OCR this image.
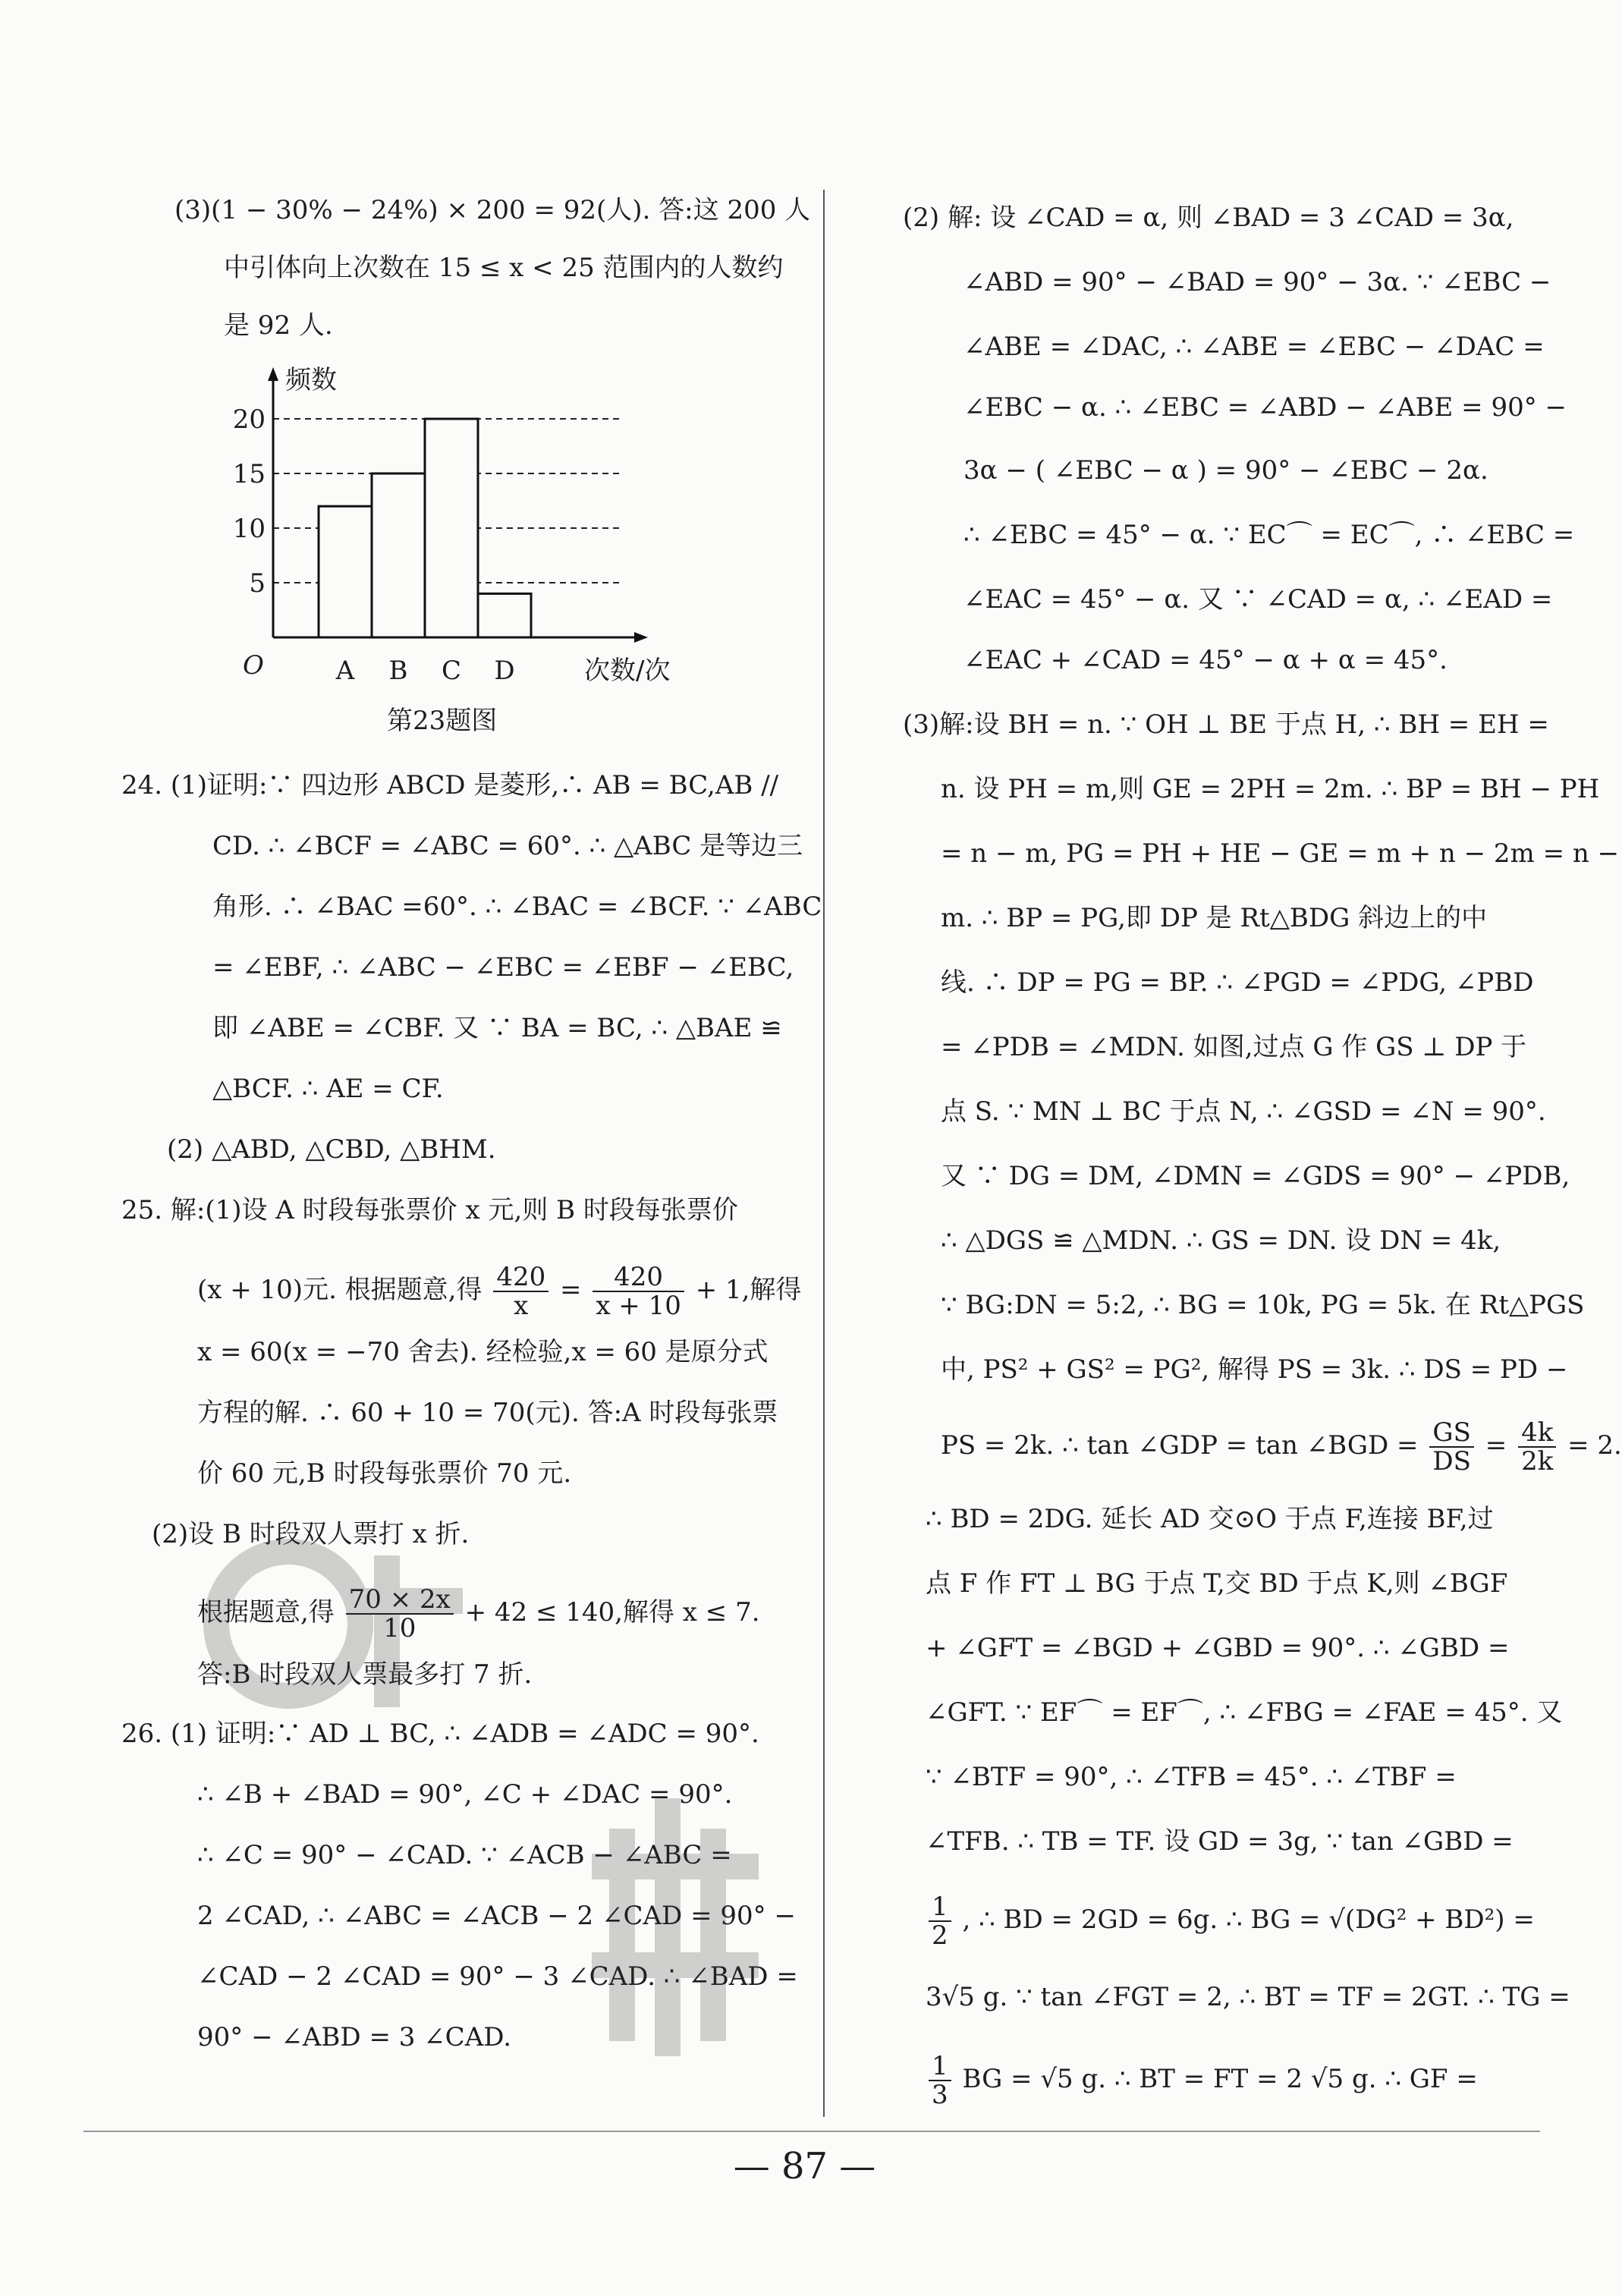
(3)(1 − 30% − 24%) × 200 = 92(人). 答:这 200 人
中引体向上次数在 15 ≤ x < 25 范围内的人数约
是 92 人.
24. (1)证明:∵ 四边形 ABCD 是菱形,∴ AB = BC,AB //
CD. ∴ ∠BCF = ∠ABC = 60°. ∴ △ABC 是等边三
角形. ∴ ∠BAC =60°. ∴ ∠BAC = ∠BCF. ∵ ∠ABC
= ∠EBF, ∴ ∠ABC − ∠EBC = ∠EBF − ∠EBC,
即 ∠ABE = ∠CBF. 又 ∵ BA = BC, ∴ △BAE ≌
△BCF. ∴ AE = CF.
(2) △ABD, △CBD, △BHM.
25. 解:(1)设 A 时段每张票价 x 元,则 B 时段每张票价
(x + 10)元. 根据题意,得 $\frac{420}{x} = \frac{420}{x + 10} + 1$,解得
x = 60(x = −70 舍去). 经检验,x = 60 是原分式
方程的解. ∴ 60 + 10 = 70(元). 答:A 时段每张票
价 60 元,B 时段每张票价 70 元.
(2)设 B 时段双人票打 x 折.
根据题意,得 $\frac{70 \times 2x}{10} + 42 \le 140$,解得 x ≤ 7.
答:B 时段双人票最多打 7 折.
26. (1) 证明:∵ AD ⊥ BC, ∴ ∠ADB = ∠ADC = 90°.
∴ ∠B + ∠BAD = 90°, ∠C + ∠DAC = 90°.
∴ ∠C = 90° − ∠CAD. ∵ ∠ACB − ∠ABC =
2 ∠CAD, ∴ ∠ABC = ∠ACB − 2 ∠CAD = 90° −
∠CAD − 2 ∠CAD = 90° − 3 ∠CAD. ∴ ∠BAD =
90° − ∠ABD = 3 ∠CAD.
5
10
15
20
A B C D
频数
次数/次
O
第23题图
(2) 解: 设 ∠CAD = α, 则 ∠BAD = 3 ∠CAD = 3α,
∠ABD = 90° − ∠BAD = 90° − 3α. ∵ ∠EBC −
∠ABE = ∠DAC, ∴ ∠ABE = ∠EBC − ∠DAC =
∠EBC − α. ∴ ∠EBC = ∠ABD − ∠ABE = 90° −
3α − ( ∠EBC − α ) = 90° − ∠EBC − 2α.
∴ ∠EBC = 45° − α. ∵ EC⌒ = EC⌒, ∴ ∠EBC =
∠EAC = 45° − α. 又 ∵ ∠CAD = α, ∴ ∠EAD =
∠EAC + ∠CAD = 45° − α + α = 45°.
(3)解:设 BH = n. ∵ OH ⊥ BE 于点 H, ∴ BH = EH =
n. 设 PH = m,则 GE = 2PH = 2m. ∴ BP = BH − PH
= n − m, PG = PH + HE − GE = m + n − 2m = n −
m. ∴ BP = PG,即 DP 是 Rt△BDG 斜边上的中
线. ∴ DP = PG = BP. ∴ ∠PGD = ∠PDG, ∠PBD
= ∠PDB = ∠MDN. 如图,过点 G 作 GS ⊥ DP 于
点 S. ∵ MN ⊥ BC 于点 N, ∴ ∠GSD = ∠N = 90°.
又 ∵ DG = DM, ∠DMN = ∠GDS = 90° − ∠PDB,
∴ △DGS ≌ △MDN. ∴ GS = DN. 设 DN = 4k,
∵ BG:DN = 5:2, ∴ BG = 10k, PG = 5k. 在 Rt△PGS
中, PS² + GS² = PG², 解得 PS = 3k. ∴ DS = PD −
PS = 2k. ∴ tan ∠GDP = tan ∠BGD = $\frac{GS}{DS} = \frac{4k}{2k} = 2$.
∴ BD = 2DG. 延长 AD 交⊙O 于点 F,连接 BF,过
点 F 作 FT ⊥ BG 于点 T,交 BD 于点 K,则 ∠BGF
+ ∠GFT = ∠BGD + ∠GBD = 90°. ∴ ∠GBD =
∠GFT. ∵ EF⌒ = EF⌒, ∴ ∠FBG = ∠FAE = 45°. 又
∵ ∠BTF = 90°, ∴ ∠TFB = 45°. ∴ ∠TBF =
∠TFB. ∴ TB = TF. 设 GD = 3g, ∵ tan ∠GBD =
$\frac{1}{2}$ , ∴ BD = 2GD = 6g. ∴ BG = √(DG² + BD²) =
3√5 g. ∵ tan ∠FGT = 2, ∴ BT = TF = 2GT. ∴ TG =
$\frac{1}{3}$ BG = √5 g. ∴ BT = FT = 2 √5 g. ∴ GF =
— 87 —
